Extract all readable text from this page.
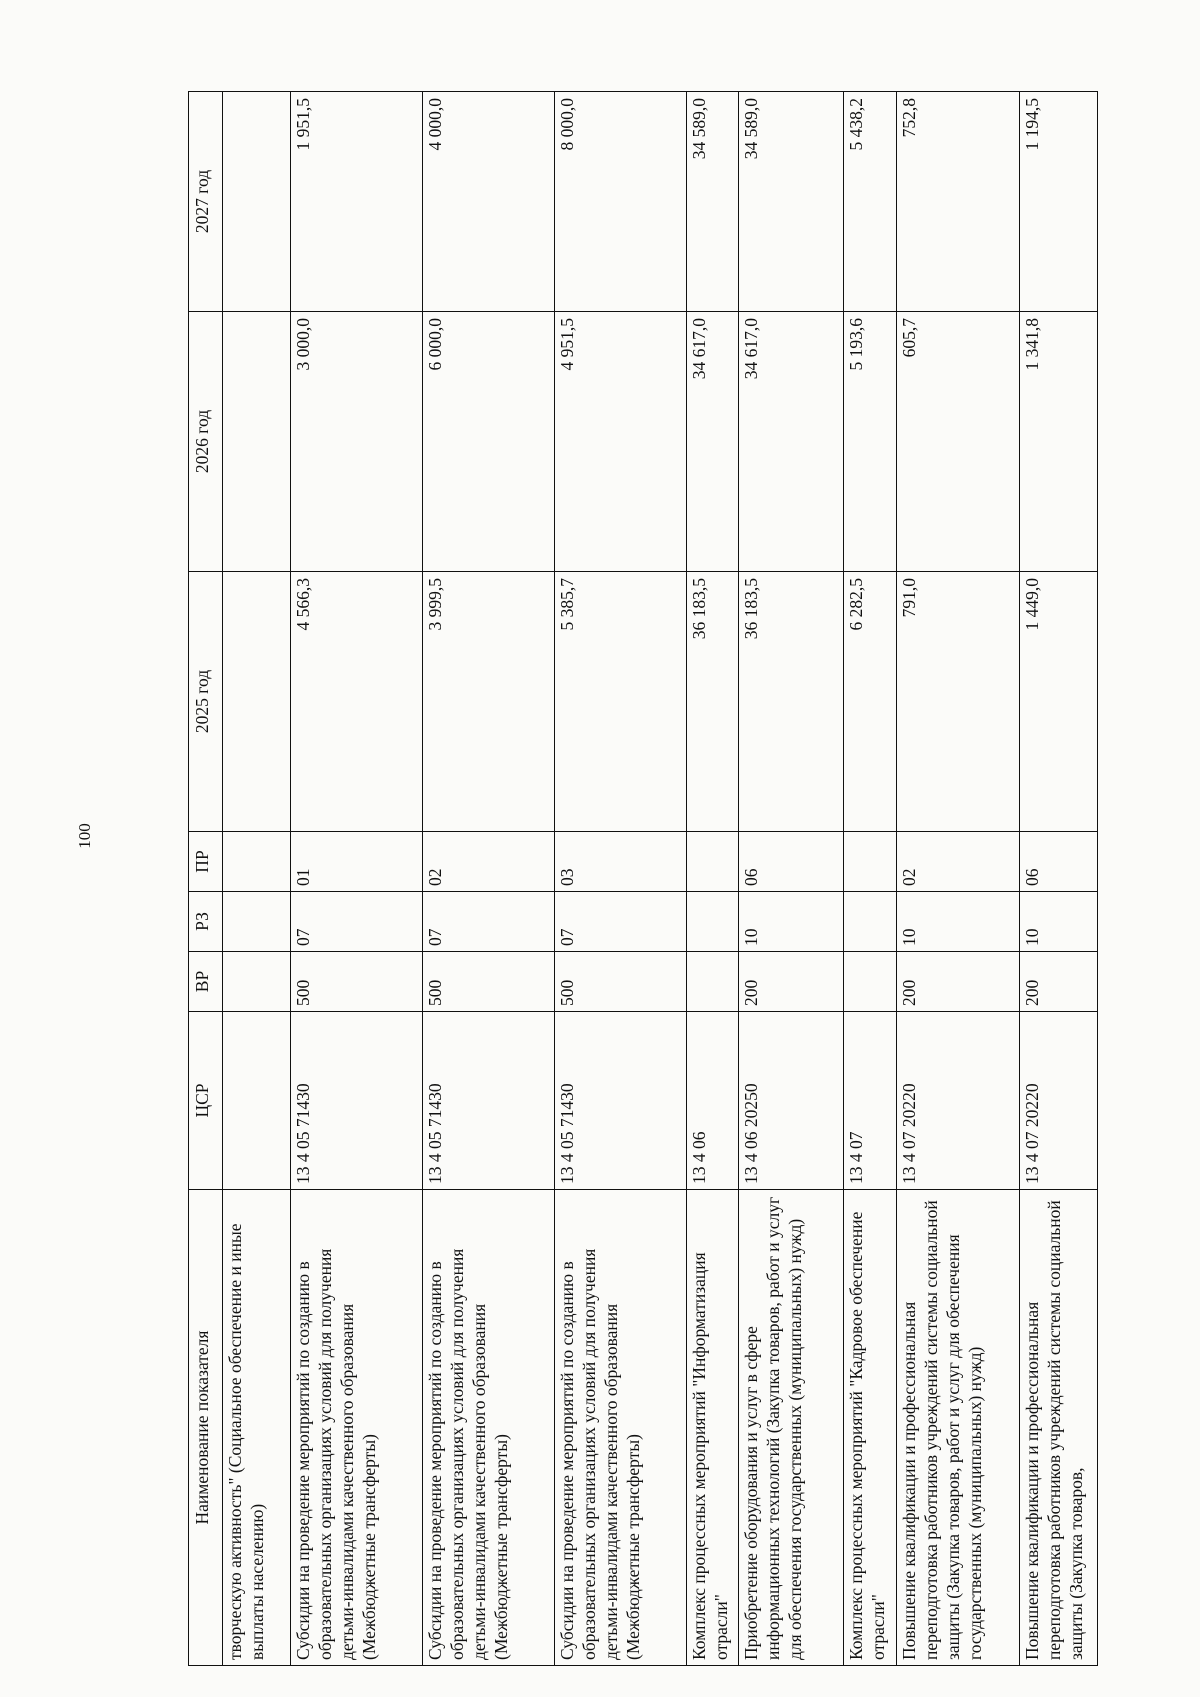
100
Наименование показателя	ЦСР	ВР	РЗ	ПР	2025 год	2026 год	2027 год
творческую активность" (Социальное обеспечение и иные выплаты населению)							
Субсидии на проведение мероприятий по созданию в образовательных организациях условий для получения детьми-инвалидами качественного образования (Межбюджетные трансферты)	13 4 05 71430	500	07	01	4 566,3	3 000,0	1 951,5
Субсидии на проведение мероприятий по созданию в образовательных организациях условий для получения детьми-инвалидами качественного образования (Межбюджетные трансферты)	13 4 05 71430	500	07	02	3 999,5	6 000,0	4 000,0
Субсидии на проведение мероприятий по созданию в образовательных организациях условий для получения детьми-инвалидами качественного образования (Межбюджетные трансферты)	13 4 05 71430	500	07	03	5 385,7	4 951,5	8 000,0
Комплекс процессных мероприятий "Информатизация отрасли"	13 4 06				36 183,5	34 617,0	34 589,0
Приобретение оборудования и услуг в сфере информационных технологий (Закупка товаров, работ и услуг для обеспечения государственных (муниципальных) нужд)	13 4 06 20250	200	10	06	36 183,5	34 617,0	34 589,0
Комплекс процессных мероприятий "Кадровое обеспечение отрасли"	13 4 07				6 282,5	5 193,6	5 438,2
Повышение квалификации и профессиональная переподготовка работников учреждений системы социальной защиты (Закупка товаров, работ и услуг для обеспечения государственных (муниципальных) нужд)	13 4 07 20220	200	10	02	791,0	605,7	752,8
Повышение квалификации и профессиональная переподготовка работников учреждений системы социальной защиты (Закупка товаров,	13 4 07 20220	200	10	06	1 449,0	1 341,8	1 194,5
